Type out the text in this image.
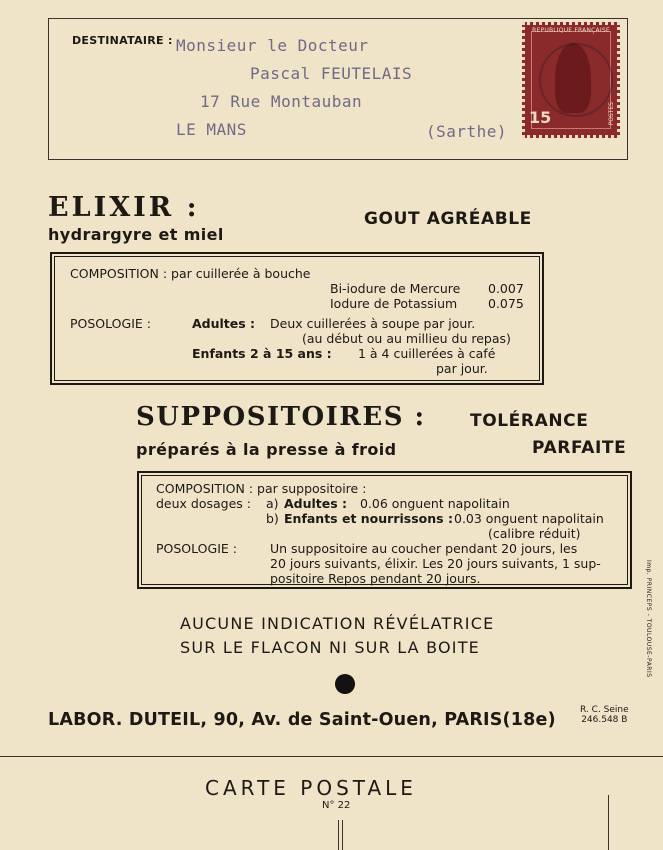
DESTINATAIRE : Monsieur le Docteur
Pascal FEUTELAIS
17 Rue Montauban
LE MANS	(Sarthe)
REPUBLIQUE FRANÇAISE
15	POSTES
ELIXIR :
hydrargyre et miel
GOUT AGRÉABLE
COMPOSITION : par cuillerée à bouche
Bi-iodure de Mercure 0.007
Iodure de Potassium 0.075
POSOLOGIE :	Adultes : Deux cuillerées à soupe par jour.
(au début ou au millieu du repas)
Enfants 2 à 15 ans : 1 à 4 cuillerées à café
par jour.
SUPPOSITOIRES :	TOLÉRANCE
préparés à la presse à froid	PARFAITE
COMPOSITION : par suppositoire :
deux dosages : a) Adultes : 0.06 onguent napolitain
b) Enfants et nourrissons : 0.03 onguent napolitain
(calibre réduit)
POSOLOGIE :	Un suppositoire au coucher pendant 20 jours, les
20 jours suivants, élixir. Les 20 jours suivants, 1 sup-
positoire Repos pendant 20 jours.
AUCUNE INDICATION RÉVÉLATRICE
SUR LE FLACON NI SUR LA BOITE
LABOR. DUTEIL, 90, Av. de Saint-Ouen, PARIS(18e)	R. C. Seine
246.548 B
Imp. PRINCEPS - TOULOUSE-PARIS
CARTE POSTALE
N° 22
